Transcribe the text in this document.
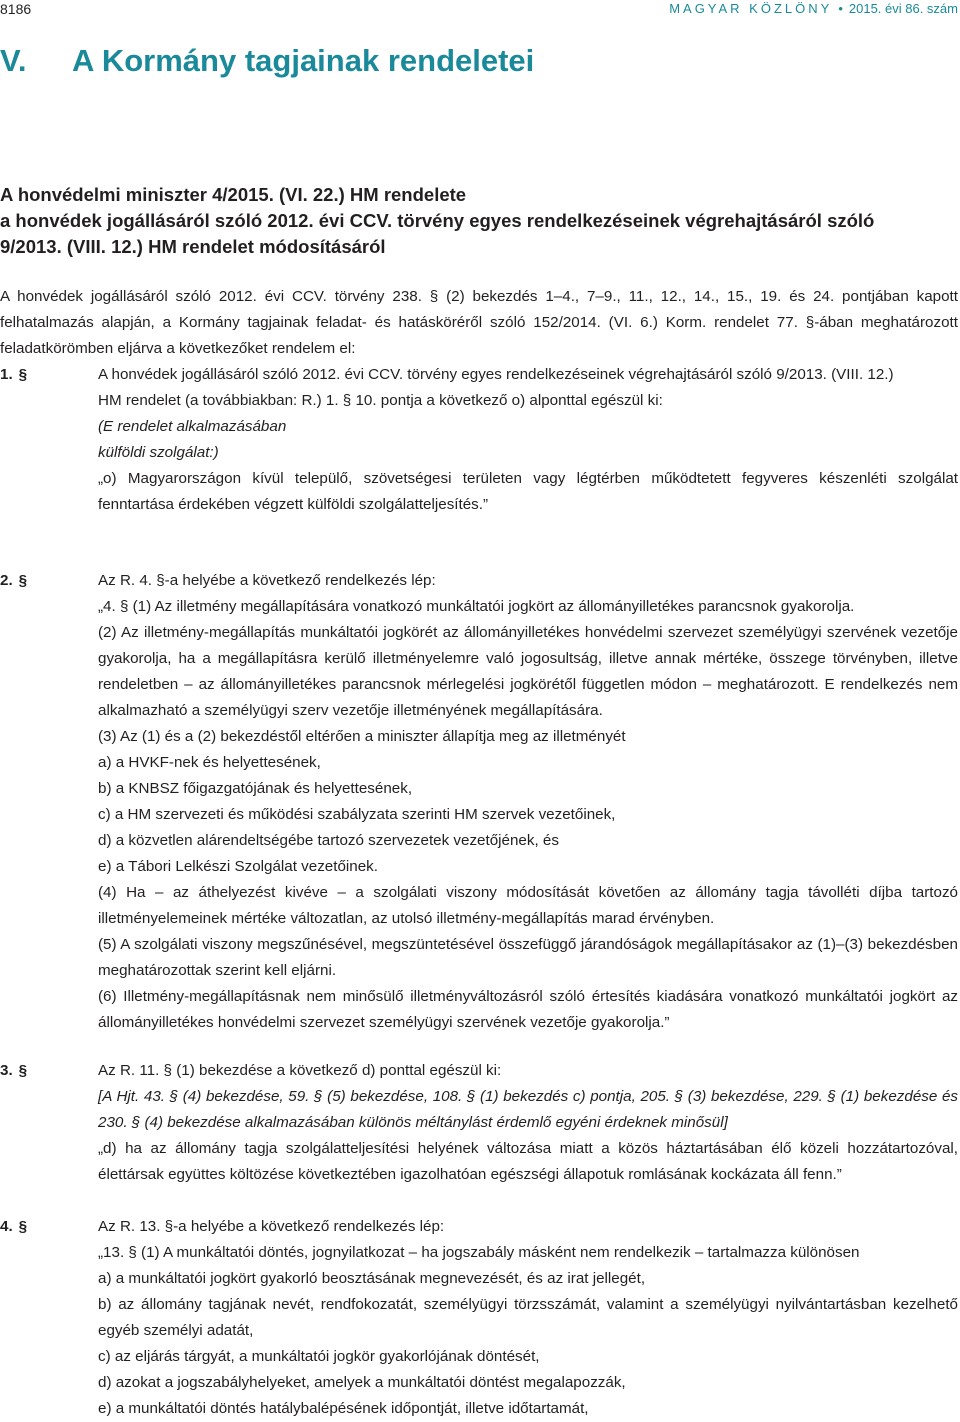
8186	MAGYAR KÖZLÖNY • 2015. évi 86. szám
V. A Kormány tagjainak rendeletei
A honvédelmi miniszter 4/2015. (VI. 22.) HM rendelete
a honvédek jogállásáról szóló 2012. évi CCV. törvény egyes rendelkezéseinek végrehajtásáról szóló
9/2013. (VIII. 12.) HM rendelet módosításáról

A honvédek jogállásáról szóló 2012. évi CCV. törvény 238. § (2) bekezdés 1–4., 7–9., 11., 12., 14., 15., 19. és 24. pontjában kapott felhatalmazás alapján, a Kormány tagjainak feladat- és hatásköréről szóló 152/2014. (VI. 6.) Korm. rendelet 77. §-ában meghatározott feladatkörömben eljárva a következőket rendelem el:

1. §	A honvédek jogállásáról szóló 2012. évi CCV. törvény egyes rendelkezéseinek végrehajtásáról szóló 9/2013. (VIII. 12.)
HM rendelet (a továbbiakban: R.) 1. § 10. pontja a következő o) alponttal egészül ki:
(E rendelet alkalmazásában
külföldi szolgálat:)
„o) Magyarországon kívül települő, szövetségesi területen vagy légtérben működtetett fegyveres készenléti szolgálat fenntartása érdekében végzett külföldi szolgálatteljesítés.”
2. §	Az R. 4. §-a helyébe a következő rendelkezés lép:
„4. § (1) Az illetmény megállapítására vonatkozó munkáltatói jogkört az állományilletékes parancsnok gyakorolja.
(2) Az illetmény-megállapítás munkáltatói jogkörét az állományilletékes honvédelmi szervezet személyügyi szervének vezetője gyakorolja, ha a megállapításra kerülő illetményelemre való jogosultság, illetve annak mértéke, összege törvényben, illetve rendeletben – az állományilletékes parancsnok mérlegelési jogkörétől független módon – meghatározott. E rendelkezés nem alkalmazható a személyügyi szerv vezetője illetményének megállapítására.
(3) Az (1) és a (2) bekezdéstől eltérően a miniszter állapítja meg az illetményét
a) a HVKF-nek és helyettesének,
b) a KNBSZ főigazgatójának és helyettesének,
c) a HM szervezeti és működési szabályzata szerinti HM szervek vezetőinek,
d) a közvetlen alárendeltségébe tartozó szervezetek vezetőjének, és
e) a Tábori Lelkészi Szolgálat vezetőinek.
(4) Ha – az áthelyezést kivéve – a szolgálati viszony módosítását követően az állomány tagja távolléti díjba tartozó illetményelemeinek mértéke változatlan, az utolsó illetmény-megállapítás marad érvényben.
(5) A szolgálati viszony megszűnésével, megszüntetésével összefüggő járandóságok megállapításakor az (1)–(3) bekezdésben meghatározottak szerint kell eljárni.
(6) Illetmény-megállapításnak nem minősülő illetményváltozásról szóló értesítés kiadására vonatkozó munkáltatói jogkört az állományilletékes honvédelmi szervezet személyügyi szervének vezetője gyakorolja.”
3. §	Az R. 11. § (1) bekezdése a következő d) ponttal egészül ki:
[A Hjt. 43. § (4) bekezdése, 59. § (5) bekezdése, 108. § (1) bekezdés c) pontja, 205. § (3) bekezdése, 229. § (1) bekezdése és 230. § (4) bekezdése alkalmazásában különös méltánylást érdemlő egyéni érdeknek minősül]
„d) ha az állomány tagja szolgálatteljesítési helyének változása miatt a közös háztartásában élő közeli hozzátartozóval, élettársak együttes költözése következtében igazolhatóan egészségi állapotuk romlásának kockázata áll fenn.”
4. §	Az R. 13. §-a helyébe a következő rendelkezés lép:
„13. § (1) A munkáltatói döntés, jognyilatkozat – ha jogszabály másként nem rendelkezik – tartalmazza különösen
a) a munkáltatói jogkört gyakorló beosztásának megnevezését, és az irat jellegét,
b) az állomány tagjának nevét, rendfokozatát, személyügyi törzsszámát, valamint a személyügyi nyilvántartásban kezelhető egyéb személyi adatát,
c) az eljárás tárgyát, a munkáltatói jogkör gyakorlójának döntését,
d) azokat a jogszabályhelyeket, amelyek a munkáltatói döntést megalapozzák,
e) a munkáltatói döntés hatálybalépésének időpontját, illetve időtartamát,
